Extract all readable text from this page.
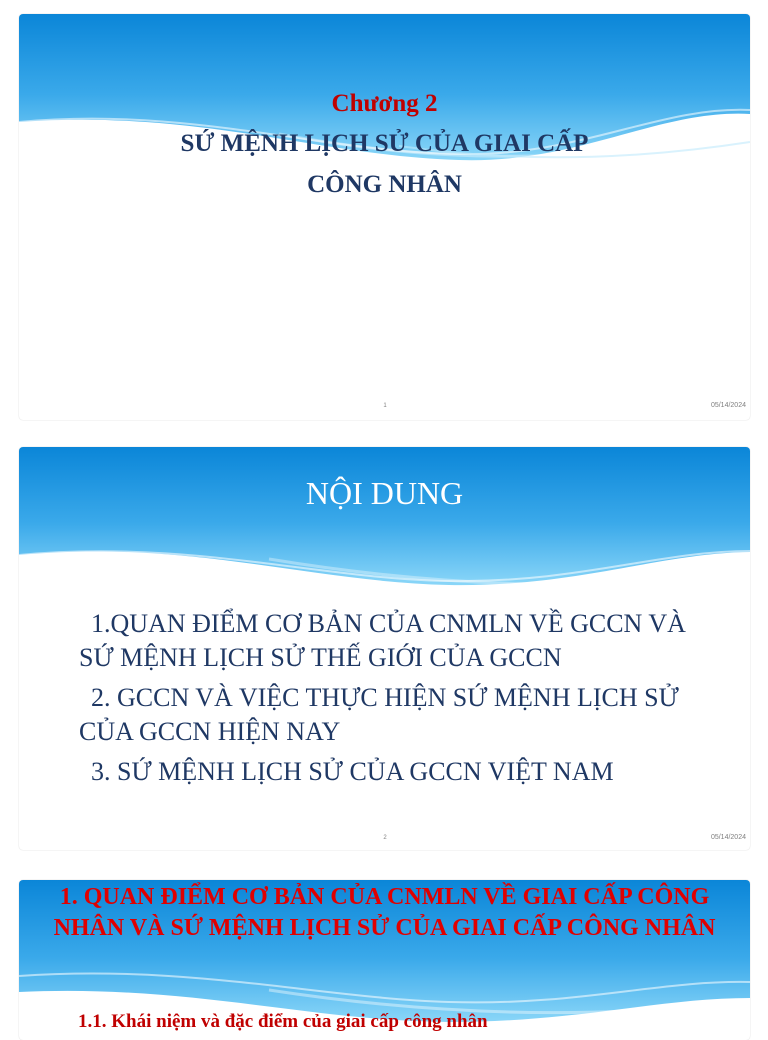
Chương 2
SỨ MỆNH LỊCH SỬ CỦA GIAI CẤP
CÔNG NHÂN
1	05/14/2024
NỘI DUNG
1.QUAN ĐIỂM CƠ BẢN CỦA CNMLN VỀ GCCN VÀ SỨ MỆNH LỊCH SỬ THẾ GIỚI CỦA GCCN
2. GCCN VÀ VIỆC THỰC HIỆN SỨ MỆNH LỊCH SỬ CỦA GCCN HIỆN NAY
3. SỨ MỆNH LỊCH SỬ CỦA GCCN VIỆT NAM
2	05/14/2024
1. QUAN ĐIỂM CƠ BẢN CỦA CNMLN VỀ GIAI CẤP CÔNG NHÂN VÀ SỨ MỆNH LỊCH SỬ CỦA GIAI CẤP CÔNG NHÂN
1.1. Khái niệm và đặc điểm của giai cấp công nhân
